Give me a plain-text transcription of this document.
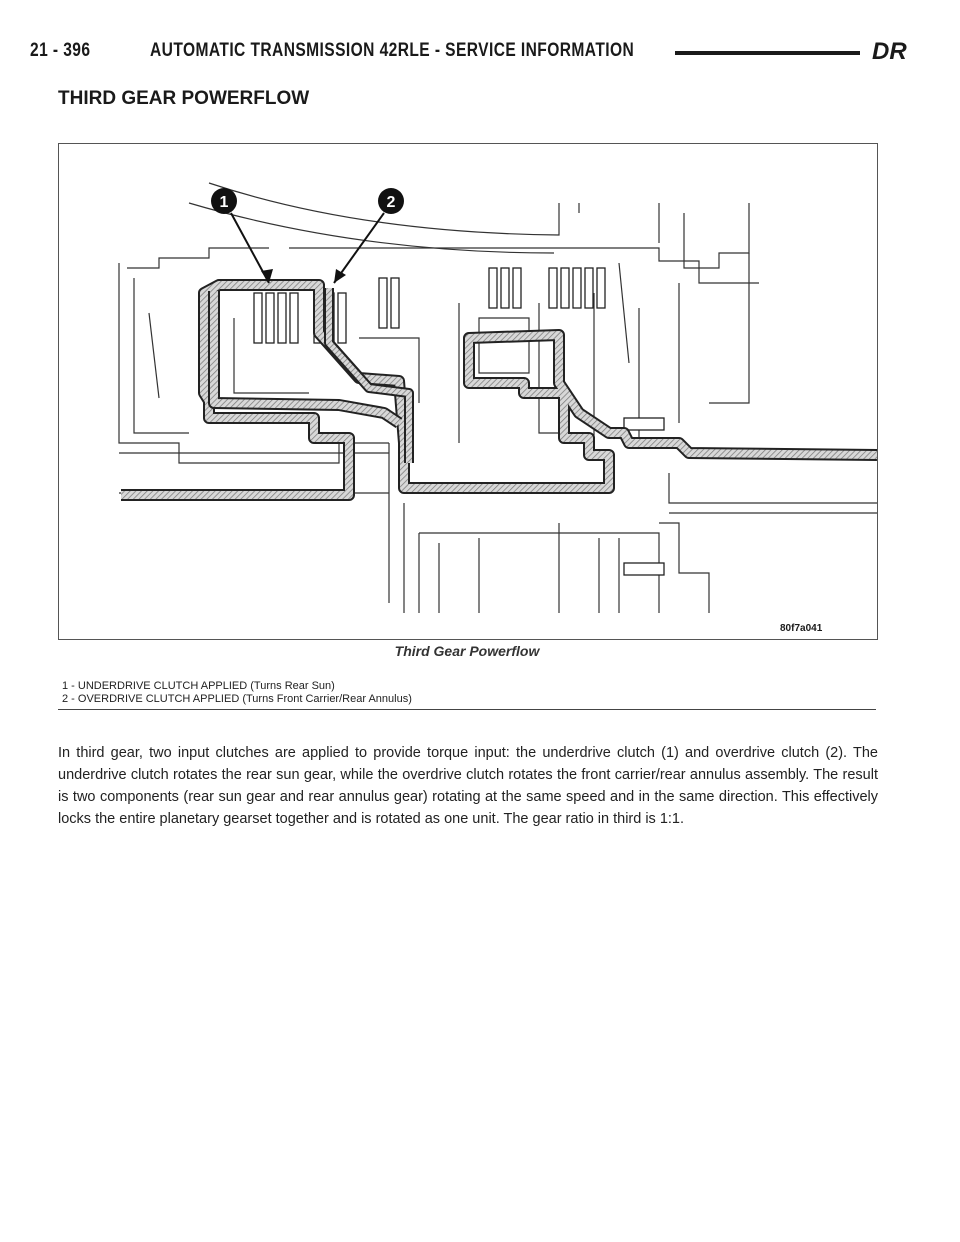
21 - 396	AUTOMATIC TRANSMISSION 42RLE - SERVICE INFORMATION	DR
THIRD GEAR POWERFLOW
1	2
80f7a041
Third Gear Powerflow
1 - UNDERDRIVE CLUTCH APPLIED (Turns Rear Sun)
2 - OVERDRIVE CLUTCH APPLIED (Turns Front Carrier/Rear Annulus)
In third gear, two input clutches are applied to provide torque input: the underdrive clutch (1) and overdrive clutch (2). The underdrive clutch rotates the rear sun gear, while the overdrive clutch rotates the front carrier/rear annulus assembly. The result is two components (rear sun gear and rear annulus gear) rotating at the same speed and in the same direction. This effectively locks the entire planetary gearset together and is rotated as one unit. The gear ratio in third is 1:1.
